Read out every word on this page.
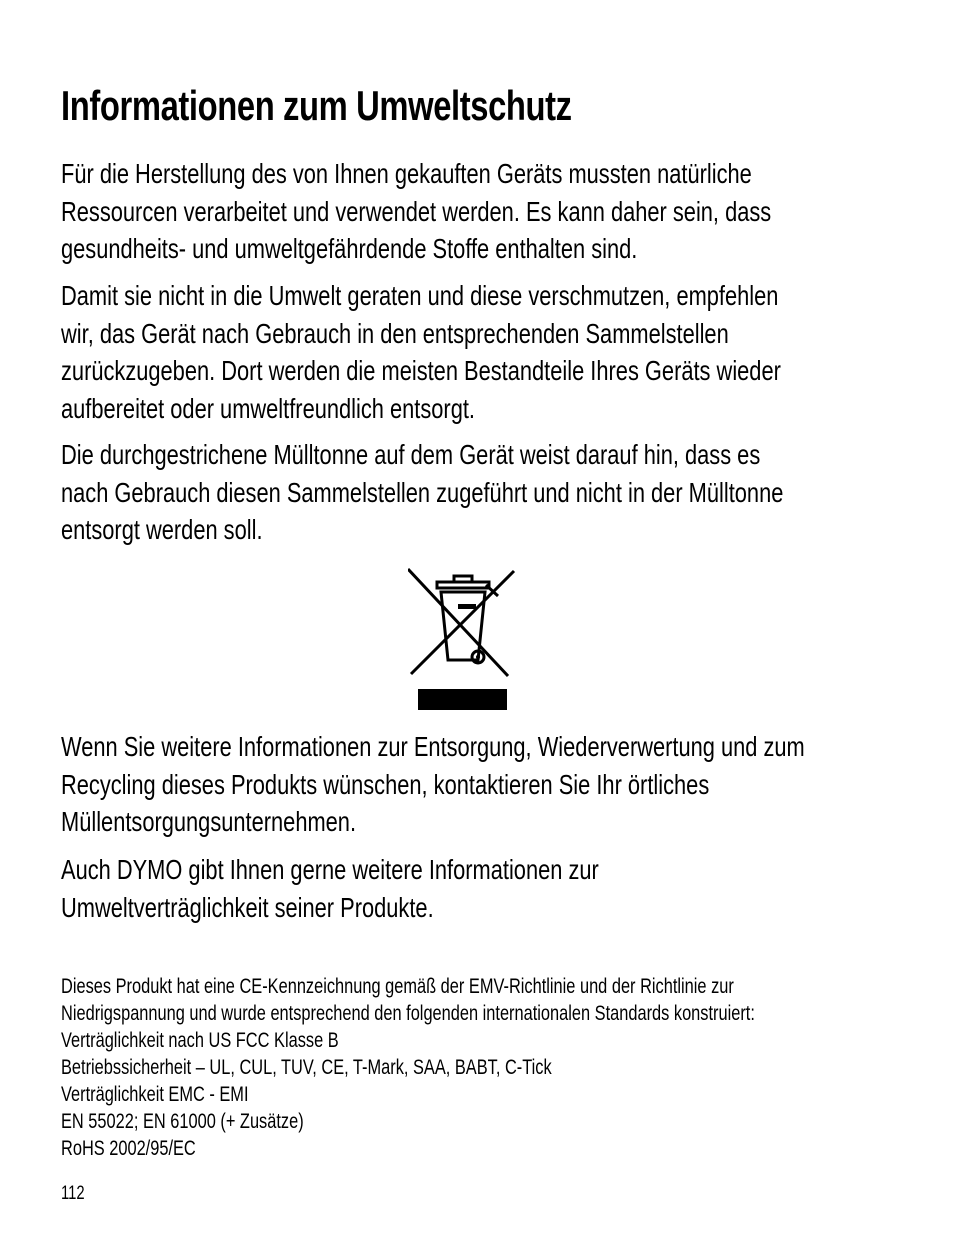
Informationen zum Umweltschutz

Für die Herstellung des von Ihnen gekauften Geräts mussten natürliche
Ressourcen verarbeitet und verwendet werden. Es kann daher sein, dass
gesundheits- und umweltgefährdende Stoffe enthalten sind.

Damit sie nicht in die Umwelt geraten und diese verschmutzen, empfehlen
wir, das Gerät nach Gebrauch in den entsprechenden Sammelstellen
zurückzugeben. Dort werden die meisten Bestandteile Ihres Geräts wieder
aufbereitet oder umweltfreundlich entsorgt.

Die durchgestrichene Mülltonne auf dem Gerät weist darauf hin, dass es
nach Gebrauch diesen Sammelstellen zugeführt und nicht in der Mülltonne
entsorgt werden soll.

Wenn Sie weitere Informationen zur Entsorgung, Wiederverwertung und zum
Recycling dieses Produkts wünschen, kontaktieren Sie Ihr örtliches
Müllentsorgungsunternehmen.

Auch DYMO gibt Ihnen gerne weitere Informationen zur
Umweltverträglichkeit seiner Produkte.

Dieses Produkt hat eine CE-Kennzeichnung gemäß der EMV-Richtlinie und der Richtlinie zur
Niedrigspannung und wurde entsprechend den folgenden internationalen Standards konstruiert:
Verträglichkeit nach US FCC Klasse B
Betriebssicherheit – UL, CUL, TUV, CE, T-Mark, SAA, BABT, C-Tick
Verträglichkeit EMC - EMI
EN 55022; EN 61000 (+ Zusätze)
RoHS 2002/95/EC

112
